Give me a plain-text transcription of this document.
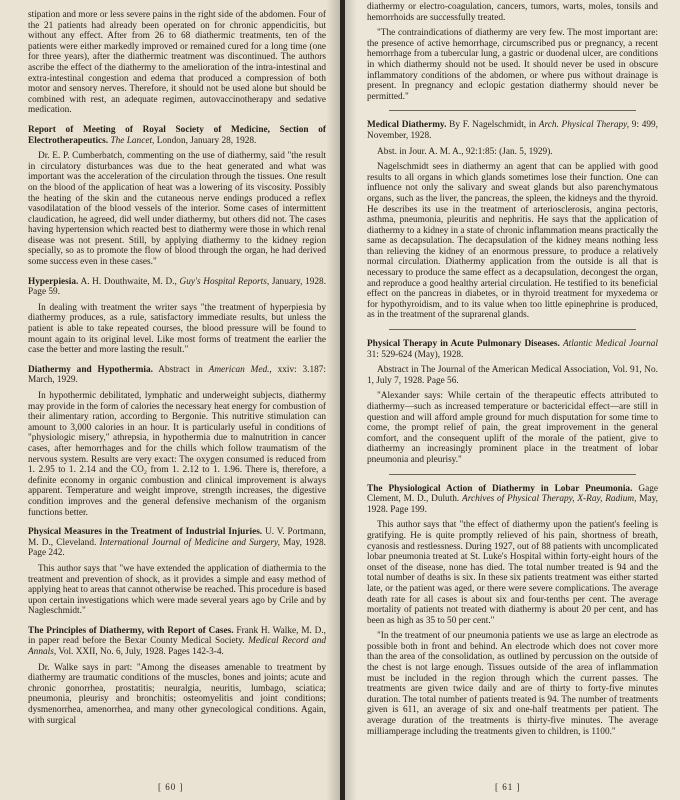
stipation and more or less severe pains in the right side of the abdomen. Four of the 21 patients had already been operated on for chronic appendicitis, but without any effect. After from 26 to 68 diathermic treatments, ten of the patients were either markedly improved or remained cured for a long time (one for three years), after the diathermic treatment was discontinued. The authors ascribe the effect of the diathermy to the amelioration of the intra-intestinal and extra-intestinal congestion and edema that produced a compression of both motor and sensory nerves. Therefore, it should not be used alone but should be combined with rest, an adequate regimen, autovaccinotherapy and sedative medication.

Report of Meeting of Royal Society of Medicine, Section of Electrotherapeutics. The Lancet, London, January 28, 1928.

Dr. E. P. Cumberbatch, commenting on the use of diathermy, said "the result in circulatory disturbances was due to the heat generated and what was important was the acceleration of the circulation through the tissues. One result on the blood of the application of heat was a lowering of its viscosity. Possibly the heating of the skin and the cutaneous nerve endings produced a reflex vasodilatation of the blood vessels of the interior. Some cases of intermittent claudication, he agreed, did well under diathermy, but others did not. The cases having hypertension which reacted best to diathermy were those in which renal disease was not present. Still, by applying diathermy to the kidney region specially, so as to promote the flow of blood through the organ, he had derived some success even in these cases."

Hyperpiesia. A. H. Douthwaite, M. D., Guy's Hospital Reports, January, 1928. Page 59.

In dealing with treatment the writer says "the treatment of hyperpiesia by diathermy produces, as a rule, satisfactory immediate results, but unless the patient is able to take repeated courses, the blood pressure will be found to mount again to its original level. Like most forms of treatment the earlier the case the better and more lasting the result."

Diathermy and Hypothermia. Abstract in American Med., xxiv: 3.187: March, 1929.

In hypothermic debilitated, lymphatic and underweight subjects, diathermy may provide in the form of calories the necessary heat energy for combustion of their alimentary ration, according to Bergonie. This nutritive stimulation can amount to 3,000 calories in an hour. It is particularly useful in conditions of "physiologic misery," athrepsia, in hypothermia due to malnutrition in cancer cases, after hemorrhages and for the chills which follow traumatism of the nervous system. Results are very exact: The oxygen consumed is reduced from 1. 2.95 to 1. 2.14 and the CO₂ from 1. 2.12 to 1. 1.96. There is, therefore, a definite economy in organic combustion and clinical improvement is always apparent. Temperature and weight improve, strength increases, the digestive condition improves and the general defensive mechanism of the organism functions better.

Physical Measures in the Treatment of Industrial Injuries. U. V. Portmann, M. D., Cleveland. International Journal of Medicine and Surgery, May, 1928. Page 242.

This author says that "we have extended the application of diathermia to the treatment and prevention of shock, as it provides a simple and easy method of applying heat to areas that cannot otherwise be reached. This procedure is based upon certain investigations which were made several years ago by Crile and by Nagleschmidt."

The Principles of Diathermy, with Report of Cases. Frank H. Walke, M. D., in paper read before the Bexar County Medical Society. Medical Record and Annals, Vol. XXII, No. 6, July, 1928. Pages 142-3-4.

Dr. Walke says in part: "Among the diseases amenable to treatment by diathermy are traumatic conditions of the muscles, bones and joints; acute and chronic gonorrhea, prostatitis; neuralgia, neuritis, lumbago, sciatica; pneumonia, pleurisy and bronchitis; osteomyelitis and joint conditions; dysmenorrhea, amenorrhea, and many other gynecological conditions. Again, with surgical

[ 60 ]

diathermy or electro-coagulation, cancers, tumors, warts, moles, tonsils and hemorrhoids are successfully treated.

"The contraindications of diathermy are very few. The most important are: the presence of active hemorrhage, circumscribed pus or pregnancy, a recent hemorrhage from a tubercular lung, a gastric or duodenal ulcer, are conditions in which diathermy should not be used. It should never be used in obscure inflammatory conditions of the abdomen, or where pus without drainage is present. In pregnancy and eclopic gestation diathermy should never be permitted."

Medical Diathermy. By F. Nagelschmidt, in Arch. Physical Therapy, 9: 499, November, 1928.

Abst. in Jour. A. M. A., 92:1:85: (Jan. 5, 1929).

Nagelschmidt sees in diathermy an agent that can be applied with good results to all organs in which glands sometimes lose their function. One can influence not only the salivary and sweat glands but also parenchymatous organs, such as the liver, the pancreas, the spleen, the kidneys and the thyroid. He describes its use in the treatment of arteriosclerosis, angina pectoris, asthma, pneumonia, pleuritis and nephritis. He says that the application of diathermy to a kidney in a state of chronic inflammation means practically the same as decapsulation. The decapsulation of the kidney means nothing less than relieving the kidney of an enormous pressure, to produce a relatively normal circulation. Diathermy application from the outside is all that is necessary to produce the same effect as a decapsulation, decongest the organ, and reproduce a good healthy arterial circulation. He testified to its beneficial effect on the pancreas in diabetes, or in thyroid treatment for myxedema or for hypothyroidism, and to its value when too little epinephrine is produced, as in the treatment of the suprarenal glands.

Physical Therapy in Acute Pulmonary Diseases. Atlantic Medical Journal 31: 529-624 (May), 1928.

Abstract in The Journal of the American Medical Association, Vol. 91, No. 1, July 7, 1928. Page 56.

"Alexander says: While certain of the therapeutic effects attributed to diathermy—such as increased temperature or bactericidal effect—are still in question and will afford ample ground for much disputation for some time to come, the prompt relief of pain, the great improvement in the general comfort, and the consequent uplift of the morale of the patient, give to diathermy an increasingly prominent place in the treatment of lobar pneumonia and pleurisy."

The Physiological Action of Diathermy in Lobar Pneumonia. Gage Clement, M. D., Duluth. Archives of Physical Therapy, X-Ray, Radium, May, 1928. Page 199.

This author says that "the effect of diathermy upon the patient's feeling is gratifying. He is quite promptly relieved of his pain, shortness of breath, cyanosis and restlessness. During 1927, out of 88 patients with uncomplicated lobar pneumonia treated at St. Luke's Hospital within forty-eight hours of the onset of the disease, none has died. The total number treated is 94 and the total number of deaths is six. In these six patients treatment was either started late, or the patient was aged, or there were severe complications. The average death rate for all cases is about six and four-tenths per cent. The average mortality of patients not treated with diathermy is about 20 per cent, and has been as high as 35 to 50 per cent."

"In the treatment of our pneumonia patients we use as large an electrode as possible both in front and behind. An electrode which does not cover more than the area of the consolidation, as outlined by percussion on the outside of the chest is not large enough. Tissues outside of the area of inflammation must be included in the region through which the current passes. The treatments are given twice daily and are of thirty to forty-five minutes duration. The total number of patients treated is 94. The number of treatments given is 611, an average of six and one-half treatments per patient. The average duration of the treatments is thirty-five minutes. The average milliamperage including the treatments given to children, is 1100."

[ 61 ]
